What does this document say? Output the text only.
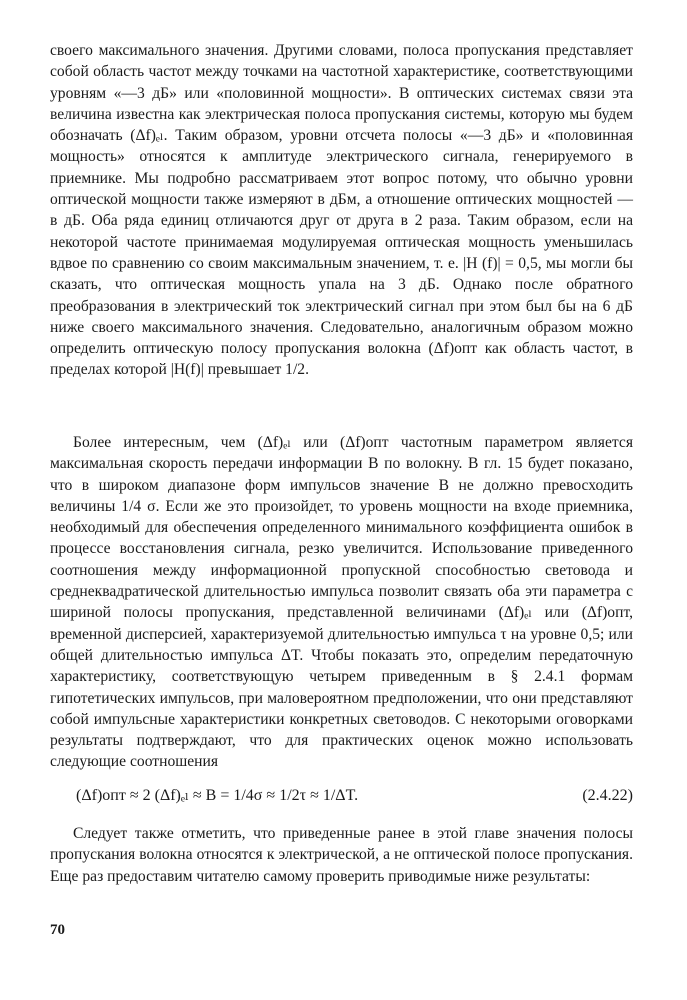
своего максимального значения. Другими словами, полоса пропускания представляет собой область частот между точками на частотной характеристике, соответствующими уровням «—3 дБ» или «половинной мощности». В оптических системах связи эта величина известна как электрическая полоса пропускания системы, которую мы будем обозначать (Δf)ₑₗ. Таким образом, уровни отсчета полосы «—3 дБ» и «половинная мощность» относятся к амплитуде электрического сигнала, генерируемого в приемнике. Мы подробно рассматриваем этот вопрос потому, что обычно уровни оптической мощности также измеряют в дБм, а отношение оптических мощностей — в дБ. Оба ряда единиц отличаются друг от друга в 2 раза. Таким образом, если на некоторой частоте принимаемая модулируемая оптическая мощность уменьшилась вдвое по сравнению со своим максимальным значением, т. е. |H (f)| = 0,5, мы могли бы сказать, что оптическая мощность упала на 3 дБ. Однако после обратного преобразования в электрический ток электрический сигнал при этом был бы на 6 дБ ниже своего максимального значения. Следовательно, аналогичным образом можно определить оптическую полосу пропускания волокна (Δf)опт как область частот, в пределах которой |H(f)| превышает 1/2.

Более интересным, чем (Δf)ₑₗ или (Δf)опт частотным параметром является максимальная скорость передачи информации B по волокну. В гл. 15 будет показано, что в широком диапазоне форм импульсов значение B не должно превосходить величины 1/4 σ. Если же это произойдет, то уровень мощности на входе приемника, необходимый для обеспечения определенного минимального коэффициента ошибок в процессе восстановления сигнала, резко увеличится. Использование приведенного соотношения между информационной пропускной способностью световода и среднеквадратической длительностью импульса позволит связать оба эти параметра с шириной полосы пропускания, представленной величинами (Δf)ₑₗ или (Δf)опт, временной дисперсией, характеризуемой длительностью импульса τ на уровне 0,5; или общей длительностью импульса ΔT. Чтобы показать это, определим передаточную характеристику, соответствующую четырем приведенным в § 2.4.1 формам гипотетических импульсов, при маловероятном предположении, что они представляют собой импульсные характеристики конкретных световодов. С некоторыми оговорками результаты подтверждают, что для практических оценок можно использовать следующие соотношения

(Δf)опт ≈ 2 (Δf)ₑₗ ≈ B = 1/4σ ≈ 1/2τ ≈ 1/ΔT.	(2.4.22)

Следует также отметить, что приведенные ранее в этой главе значения полосы пропускания волокна относятся к электрической, а не оптической полосе пропускания. Еще раз предоставим читателю самому проверить приводимые ниже результаты:

70
